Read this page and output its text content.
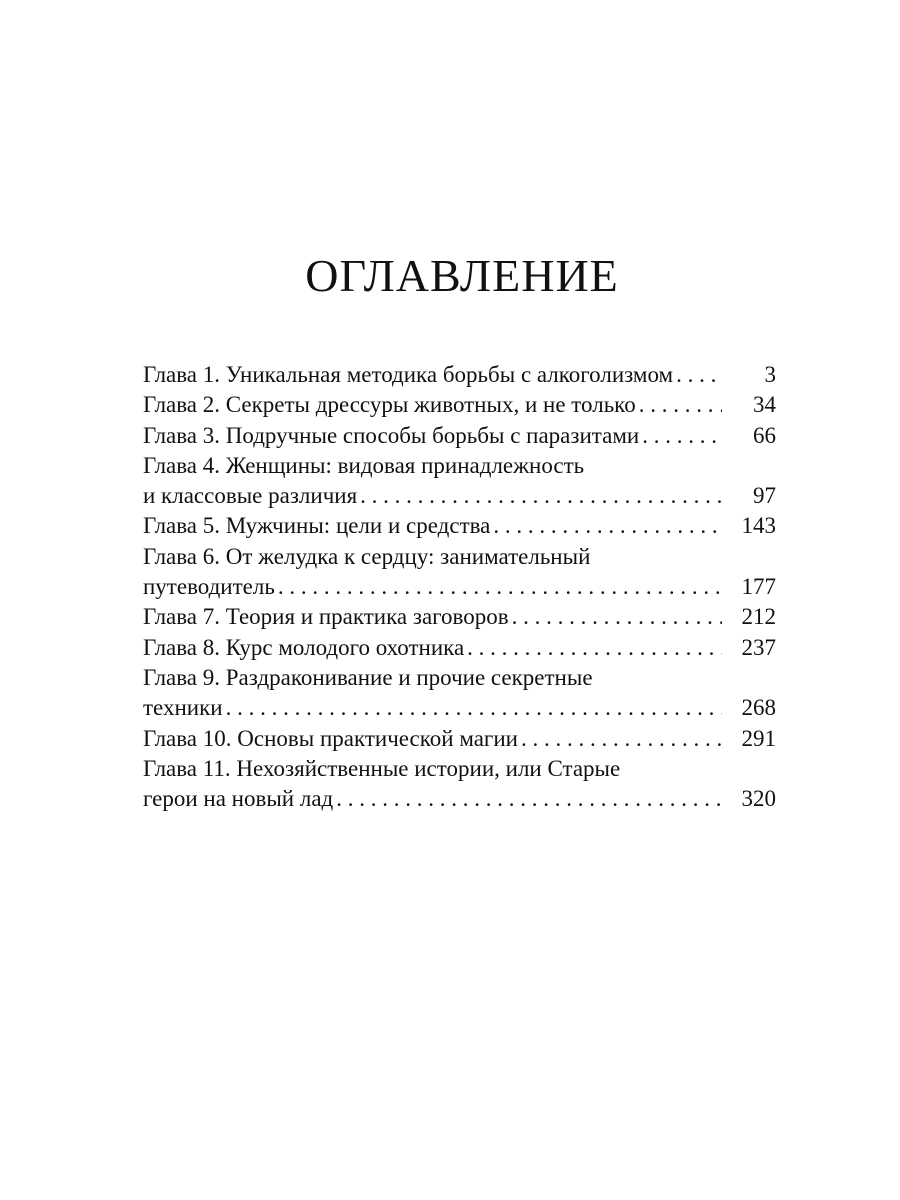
ОГЛАВЛЕНИЕ
Глава 1. Уникальная методика борьбы с алкоголизмом . . .	3
Глава 2. Секреты дрессуры животных, и не только . . .	34
Глава 3. Подручные способы борьбы с паразитами . . .	66
Глава 4. Женщины: видовая принадлежность
и классовые различия . . .	97
Глава 5. Мужчины: цели и средства . . .	143
Глава 6. От желудка к сердцу: занимательный
путеводитель . . .	177
Глава 7. Теория и практика заговоров . . .	212
Глава 8. Курс молодого охотника . . .	237
Глава 9. Раздраконивание и прочие секретные
техники . . .	268
Глава 10. Основы практической магии . . .	291
Глава 11. Нехозяйственные истории, или Старые
герои на новый лад . . .	320
